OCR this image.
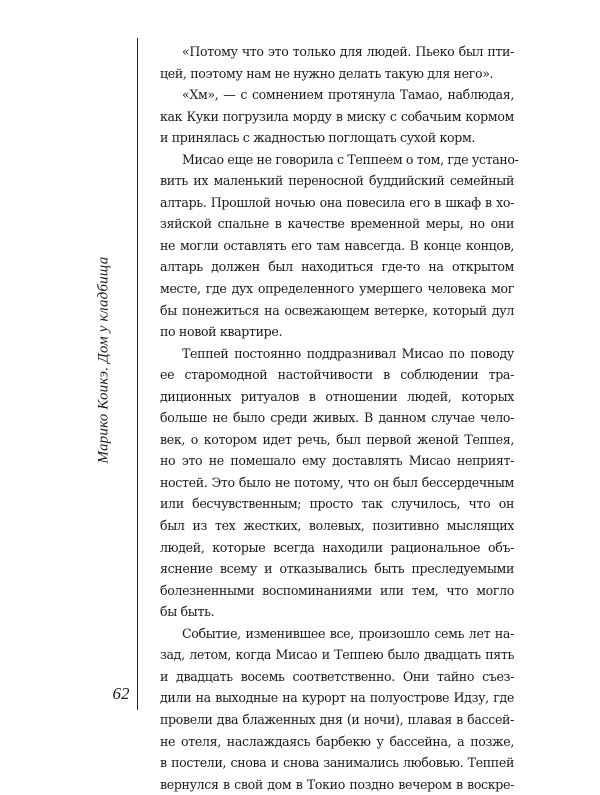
Марико Коикэ. Дом у кладбища
62
«Потому что это только для людей. Пьеко был пти-
цей, поэтому нам не нужно делать такую для него».
«Хм», — с сомнением протянула Тамао, наблюдая,
как Куки погрузила морду в миску с собачьим кормом
и принялась с жадностью поглощать сухой корм.
Мисао еще не говорила с Теппеем о том, где устано-
вить их маленький переносной буддийский семейный
алтарь. Прошлой ночью она повесила его в шкаф в хо-
зяйской спальне в качестве временной меры, но они
не могли оставлять его там навсегда. В конце концов,
алтарь должен был находиться где-то на открытом
месте, где дух определенного умершего человека мог
бы понежиться на освежающем ветерке, который дул
по новой квартире.
Теппей постоянно поддразнивал Мисао по поводу
ее старомодной настойчивости в соблюдении тра-
диционных ритуалов в отношении людей, которых
больше не было среди живых. В данном случае чело-
век, о котором идет речь, был первой женой Теппея,
но это не помешало ему доставлять Мисао неприят-
ностей. Это было не потому, что он был бессердечным
или бесчувственным; просто так случилось, что он
был из тех жестких, волевых, позитивно мыслящих
людей, которые всегда находили рациональное объ-
яснение всему и отказывались быть преследуемыми
болезненными воспоминаниями или тем, что могло
бы быть.
Событие, изменившее все, произошло семь лет на-
зад, летом, когда Мисао и Теппею было двадцать пять
и двадцать восемь соответственно. Они тайно съез-
дили на выходные на курорт на полуострове Идзу, где
провели два блаженных дня (и ночи), плавая в бассей-
не отеля, наслаждаясь барбекю у бассейна, а позже,
в постели, снова и снова занимались любовью. Теппей
вернулся в свой дом в Токио поздно вечером в воскре-
